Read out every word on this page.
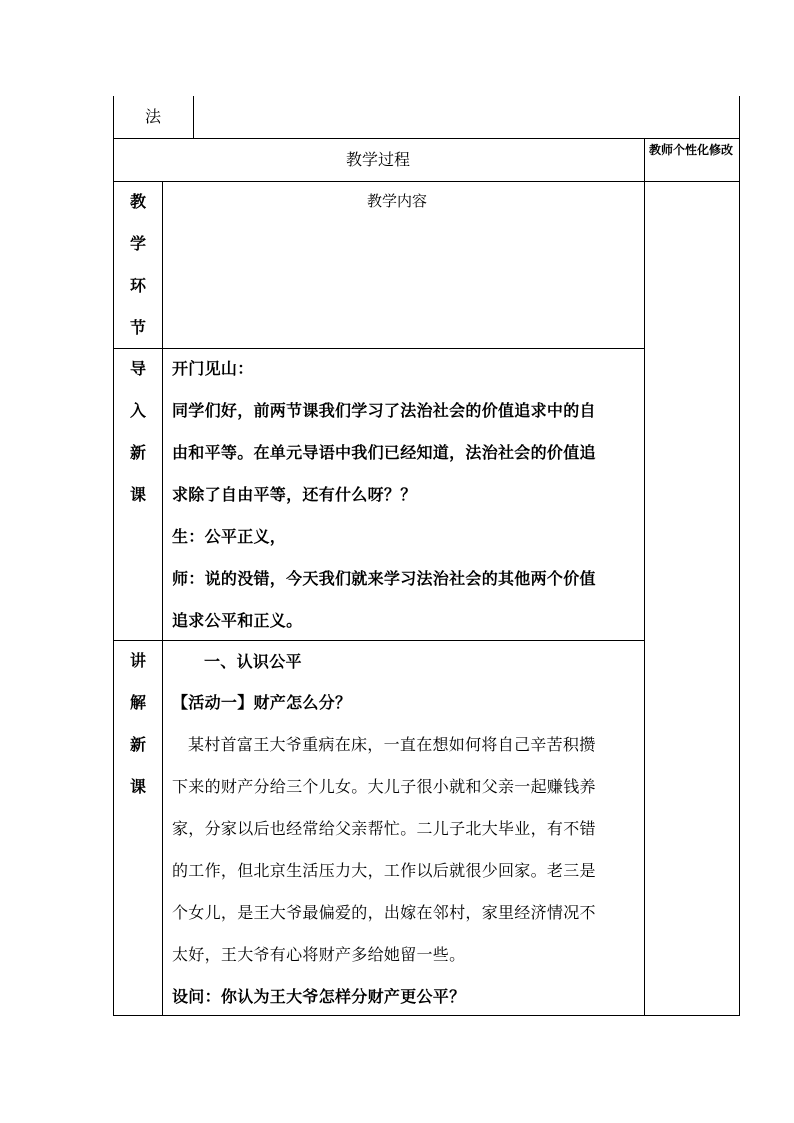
法
教学过程	教师个性化修改
教
学
环
节
教学内容
导
入
新
课
开门见山：
同学们好，前两节课我们学习了法治社会的价值追求中的自
由和平等。在单元导语中我们已经知道，法治社会的价值追
求除了自由平等，还有什么呀？？
生：公平正义，
师：说的没错，今天我们就来学习法治社会的其他两个价值
追求公平和正义。
讲
解
新
课
一、认识公平
【活动一】财产怎么分？
某村首富王大爷重病在床，一直在想如何将自己辛苦积攒
下来的财产分给三个儿女。大儿子很小就和父亲一起赚钱养
家，分家以后也经常给父亲帮忙。二儿子北大毕业，有不错
的工作，但北京生活压力大，工作以后就很少回家。老三是
个女儿，是王大爷最偏爱的，出嫁在邻村，家里经济情况不
太好，王大爷有心将财产多给她留一些。
设问：你认为王大爷怎样分财产更公平？
